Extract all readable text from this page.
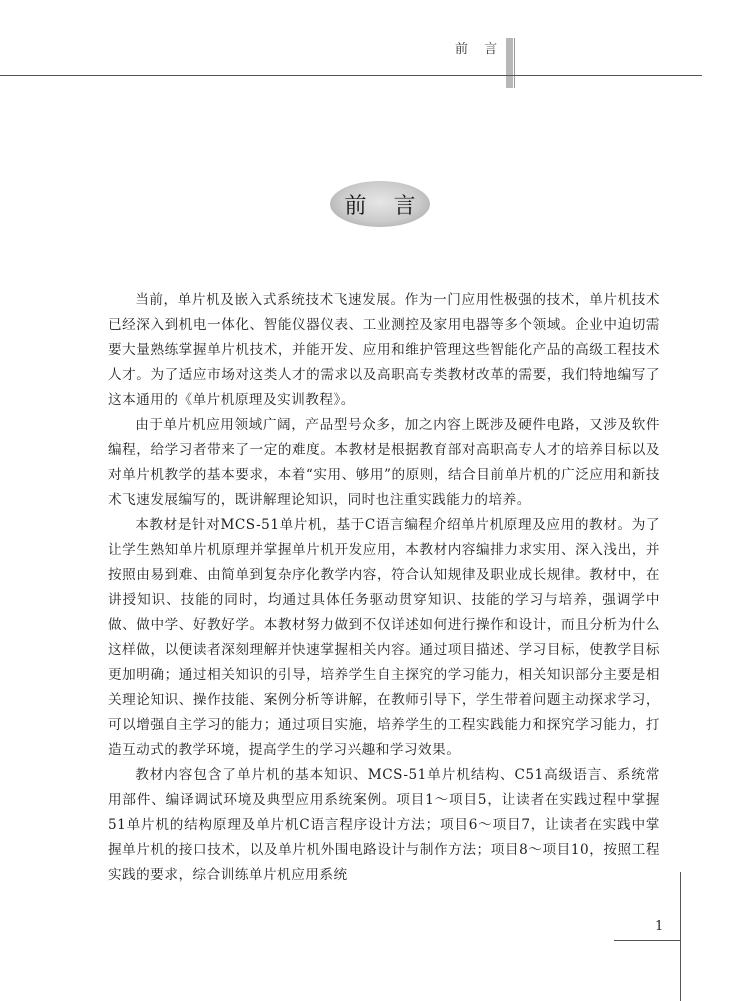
前 言
前 言

当前，单片机及嵌入式系统技术飞速发展。作为一门应用性极强的技术，单片机技术已经深入到机电一体化、智能仪器仪表、工业测控及家用电器等多个领域。企业中迫切需要大量熟练掌握单片机技术，并能开发、应用和维护管理这些智能化产品的高级工程技术人才。为了适应市场对这类人才的需求以及高职高专类教材改革的需要，我们特地编写了这本通用的《单片机原理及实训教程》。

由于单片机应用领域广阔，产品型号众多，加之内容上既涉及硬件电路，又涉及软件编程，给学习者带来了一定的难度。本教材是根据教育部对高职高专人才的培养目标以及对单片机教学的基本要求，本着“实用、够用”的原则，结合目前单片机的广泛应用和新技术飞速发展编写的，既讲解理论知识，同时也注重实践能力的培养。

本教材是针对MCS-51单片机，基于C语言编程介绍单片机原理及应用的教材。为了让学生熟知单片机原理并掌握单片机开发应用，本教材内容编排力求实用、深入浅出，并按照由易到难、由简单到复杂序化教学内容，符合认知规律及职业成长规律。教材中，在讲授知识、技能的同时，均通过具体任务驱动贯穿知识、技能的学习与培养，强调学中做、做中学、好教好学。本教材努力做到不仅详述如何进行操作和设计，而且分析为什么这样做，以便读者深刻理解并快速掌握相关内容。通过项目描述、学习目标，使教学目标更加明确；通过相关知识的引导，培养学生自主探究的学习能力，相关知识部分主要是相关理论知识、操作技能、案例分析等讲解，在教师引导下，学生带着问题主动探求学习，可以增强自主学习的能力；通过项目实施，培养学生的工程实践能力和探究学习能力，打造互动式的教学环境，提高学生的学习兴趣和学习效果。

教材内容包含了单片机的基本知识、MCS-51单片机结构、C51高级语言、系统常用部件、编译调试环境及典型应用系统案例。项目1～项目5，让读者在实践过程中掌握51单片机的结构原理及单片机C语言程序设计方法；项目6～项目7，让读者在实践中掌握单片机的接口技术，以及单片机外围电路设计与制作方法；项目8～项目10，按照工程实践的要求，综合训练单片机应用系统

1
